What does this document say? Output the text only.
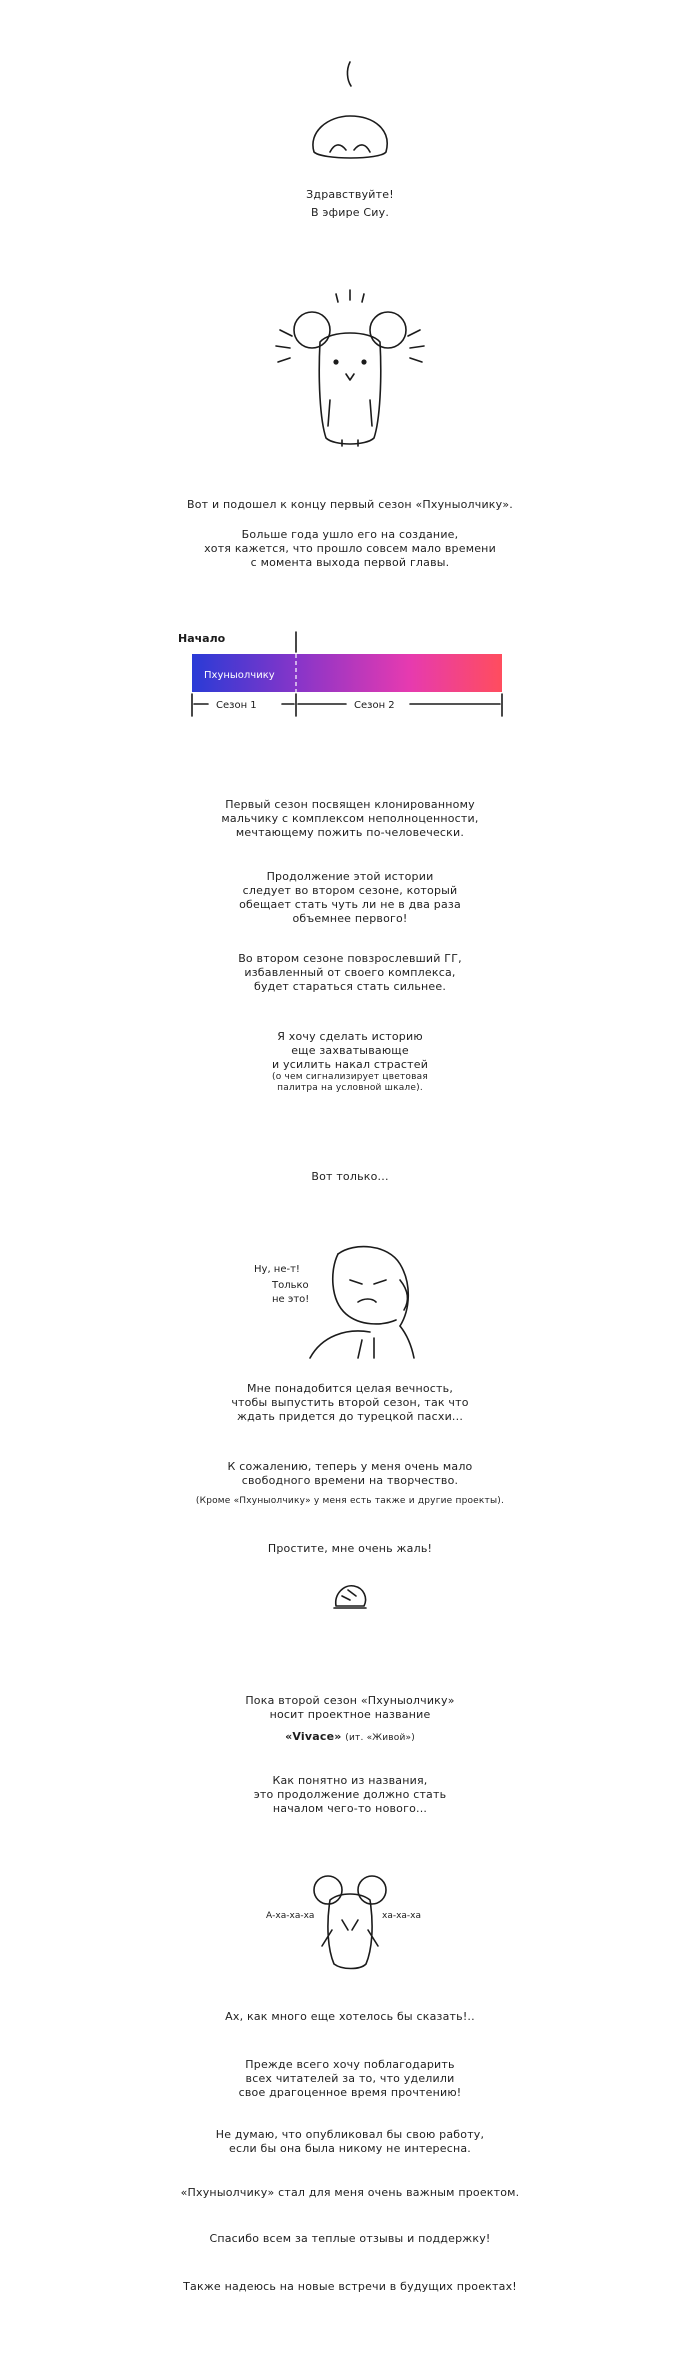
Здравствуйте!
В эфире Сиу.
Вот и подошел к концу первый сезон «Пхуныолчику».
Больше года ушло его на создание,
хотя кажется, что прошло совсем мало времени
с момента выхода первой главы.
Начало
Пхуныолчику
Сезон 1	Сезон 2
Первый сезон посвящен клонированному
мальчику с комплексом неполноценности,
мечтающему пожить по-человечески.
Продолжение этой истории
следует во втором сезоне, который
обещает стать чуть ли не в два раза
объемнее первого!
Во втором сезоне повзрослевший ГГ,
избавленный от своего комплекса,
будет стараться стать сильнее.
Я хочу сделать историю
еще захватывающе
и усилить накал страстей
(о чем сигнализирует цветовая
палитра на условной шкале).
Вот только...
Ну, не-т!
Только
не это!
Мне понадобится целая вечность,
чтобы выпустить второй сезон, так что
ждать придется до турецкой пасхи...
К сожалению, теперь у меня очень мало
свободного времени на творчество.
(Кроме «Пхуныолчику» у меня есть также и другие проекты).
Простите, мне очень жаль!
Пока второй сезон «Пхуныолчику»
носит проектное название
«Vivace» (ит. «Живой»)
Как понятно из названия,
это продолжение должно стать
началом чего-то нового...
А-ха-ха-ха	ха-ха-ха
Ах, как много еще хотелось бы сказать!..
Прежде всего хочу поблагодарить
всех читателей за то, что уделили
свое драгоценное время прочтению!
Не думаю, что опубликовал бы свою работу,
если бы она была никому не интересна.
«Пхуныолчику» стал для меня очень важным проектом.
Спасибо всем за теплые отзывы и поддержку!
Также надеюсь на новые встречи в будущих проектах!
